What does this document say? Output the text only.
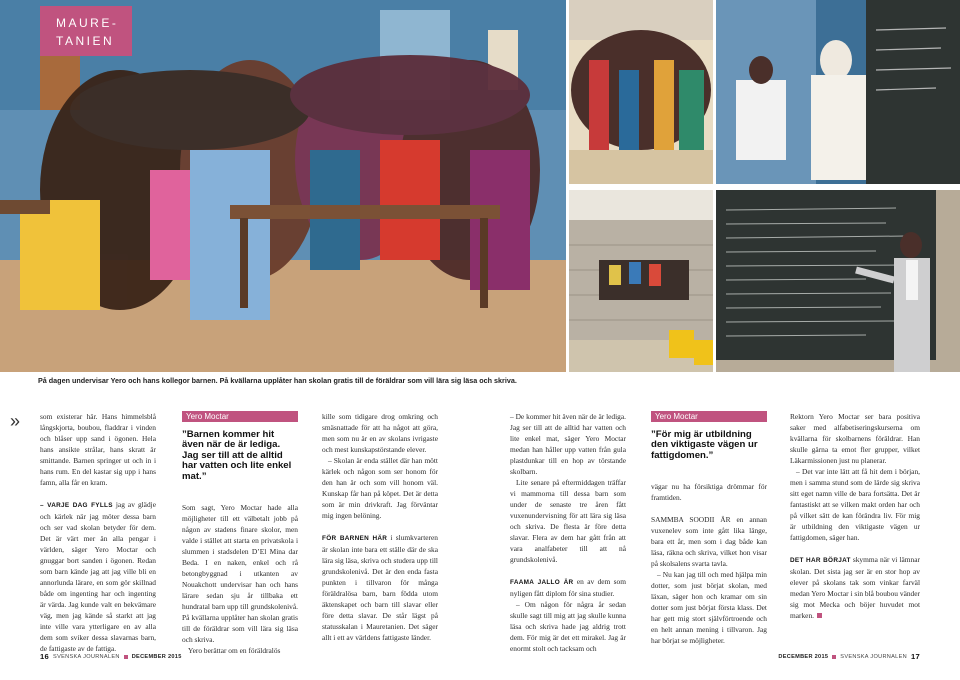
MAURE-
TANIEN
På dagen undervisar Yero och hans kollegor barnen. På kvällarna upplåter han skolan gratis till de föräldrar som vill lära sig läsa och skriva.
»	som existerar här. Hans himmelsblå långskjorta, boubou, fladdrar i vinden och blåser upp sand i ögonen. Hela hans ansikte strålar, hans skratt är smittande. Barnen springer ut och in i hans rum. En del kastar sig upp i hans famn, alla får en kram.

– VARJE DAG FYLLS jag av glädje och kärlek när jag möter dessa barn och ser vad skolan betyder för dem. Det är värt mer än alla pengar i världen, säger Yero Moctar och gnuggar bort sanden i ögonen. Redan som barn kände jag att jag ville bli en annorlunda lärare, en som gör skillnad både om ingenting har och ingenting är värda. Jag kunde valt en bekvämare väg, men jag kände så starkt att jag inte ville vara ytterligare en av alla dem som sviker dessa slavarnas barn, de fattigaste av de fattiga.

Yero Moctar
”Barnen kommer hit även när de är lediga. Jag ser till att de alltid har vatten och lite enkel mat.”

Som sagt, Yero Moctar hade alla möjligheter till ett välbetalt jobb på någon av stadens finare skolor, men valde i stället att starta en privatskola i slummen i stadsdelen D’El Mina dar Beda. I en naken, enkel och rå betongbyggnad i utkanten av Nouakchott undervisar han och hans lärare sedan sju år tillbaka ett hundratal barn upp till grundskolenivå. På kvällarna upplåter han skolan gratis till de föräldrar som vill lära sig läsa och skriva.

Yero berättar om en föräldralös

kille som tidigare drog omkring och smäsnattade för att ha något att göra, men som nu är en av skolans ivrigaste och mest kunskapstörstande elever.

– Skolan är enda stället där han mött kärlek och någon som ser honom för den han är och som vill honom väl. Kunskap får han på köpet. Det är detta som är min drivkraft. Jag förväntar mig ingen belöning.

FÖR BARNEN HÄR i slumkvarteren är skolan inte bara ett ställe där de ska lära sig läsa, skriva och studera upp till grundskolenivå. Det är den enda fasta punkten i tillvaron för många föräldralösa barn, barn födda utom äktenskapet och barn till slavar eller före detta slavar. De står lägst på statusskalan i Mauretanien. Det säger allt i ett av världens fattigaste länder.

– De kommer hit även när de är lediga. Jag ser till att de alltid har vatten och lite enkel mat, säger Yero Moctar medan han håller upp vatten från gula plastdunkar till en hop av törstande skolbarn.

Lite senare på eftermiddagen träffar vi mammorna till dessa barn som under de senaste tre åren fått vuxenundervisning för att lära sig läsa och skriva. De flesta är före detta slavar. Flera av dem har gått från att vara analfabeter till att nå grundskolenivå.

FAAMA JALLO ÄR en av dem som nyligen fått diplom för sina studier.

– Om någon för några år sedan skulle sagt till mig att jag skulle kunna läsa och skriva hade jag aldrig trott dem. För mig är det ett mirakel. Jag är enormt stolt och tacksam och

Yero Moctar
”För mig är utbildning den viktigaste vägen ur fattigdomen.”

vägar nu ha försiktiga drömmar för framtiden.

SAMMBA SOODII ÄR en annan vuxenelev som inte gått lika länge, bara ett år, men som i dag både kan läsa, räkna och skriva, vilket hon visar på skolsalens svarta tavla.

– Nu kan jag till och med hjälpa min dotter, som just börjat skolan, med läxan, säger hon och kramar om sin dotter som just börjat första klass. Det har gett mig stort självförtroende och en helt annan mening i tillvaron. Jag har börjat se möjligheter.

Rektorn Yero Moctar ser bara positiva saker med alfabetiseringskurserna om kvällarna för skolbarnens föräldrar. Han skulle gärna ta emot fler grupper, vilket Läkarmissionen just nu planerar.

– Det var inte lätt att få hit dem i början, men i samma stund som de lärde sig skriva sitt eget namn ville de bara fortsätta. Det är fantastiskt att se vilken makt orden har och på vilket sätt de kan förändra liv. För mig är utbildning den viktigaste vägen ur fattigdomen, säger han.

DET HAR BÖRJAT skymma när vi lämnar skolan. Det sista jag ser är en stor hop av elever på skolans tak som vinkar farväl medan Yero Moctar i sin blå boubou vänder sig mot Mecka och böjer huvudet mot marken.

16 SVENSKA JOURNALEN DECEMBER 2015	DECEMBER 2015 SVENSKA JOURNALEN 17
